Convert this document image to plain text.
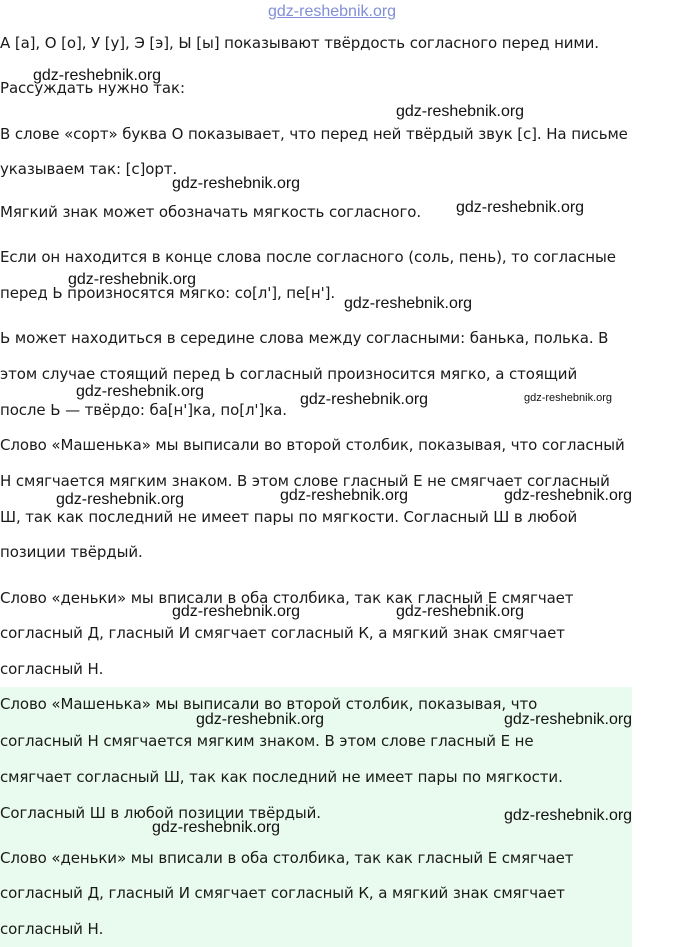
А [а], О [о], У [у], Э [э], Ы [ы] показывают твёрдость согласного перед ними.
Рассуждать нужно так:
В слове «сорт» буква О показывает, что перед ней твёрдый звук [с]. На письме
указываем так: [с]орт.
Мягкий знак может обозначать мягкость согласного.
Если он находится в конце слова после согласного (соль, пень), то согласные
перед Ь произносятся мягко: со[л'], пе[н'].
Ь может находиться в середине слова между согласными: банька, полька. В
этом случае стоящий перед Ь согласный произносится мягко, а стоящий
после Ь — твёрдо: ба[н']ка, по[л']ка.
Слово «Машенька» мы выписали во второй столбик, показывая, что согласный
Н смягчается мягким знаком. В этом слове гласный Е не смягчает согласный
Ш, так как последний не имеет пары по мягкости. Согласный Ш в любой
позиции твёрдый.
Слово «деньки» мы вписали в оба столбика, так как гласный Е смягчает
согласный Д, гласный И смягчает согласный К, а мягкий знак смягчает
согласный Н.
Слово «Машенька» мы выписали во второй столбик, показывая, что
согласный Н смягчается мягким знаком. В этом слове гласный Е не
смягчает согласный Ш, так как последний не имеет пары по мягкости.
Согласный Ш в любой позиции твёрдый.
Слово «деньки» мы вписали в оба столбика, так как гласный Е смягчает
согласный Д, гласный И смягчает согласный К, а мягкий знак смягчает
согласный Н.
gdz-reshebnik.org
gdz-reshebnik.org
gdz-reshebnik.org
gdz-reshebnik.org
gdz-reshebnik.org
gdz-reshebnik.org
gdz-reshebnik.org
gdz-reshebnik.org	gdz-reshebnik.org	gdz-reshebnik.org
gdz-reshebnik.org	gdz-reshebnik.org	gdz-reshebnik.org
gdz-reshebnik.org	gdz-reshebnik.org
gdz-reshebnik.org	gdz-reshebnik.org
gdz-reshebnik.org
gdz-reshebnik.org
